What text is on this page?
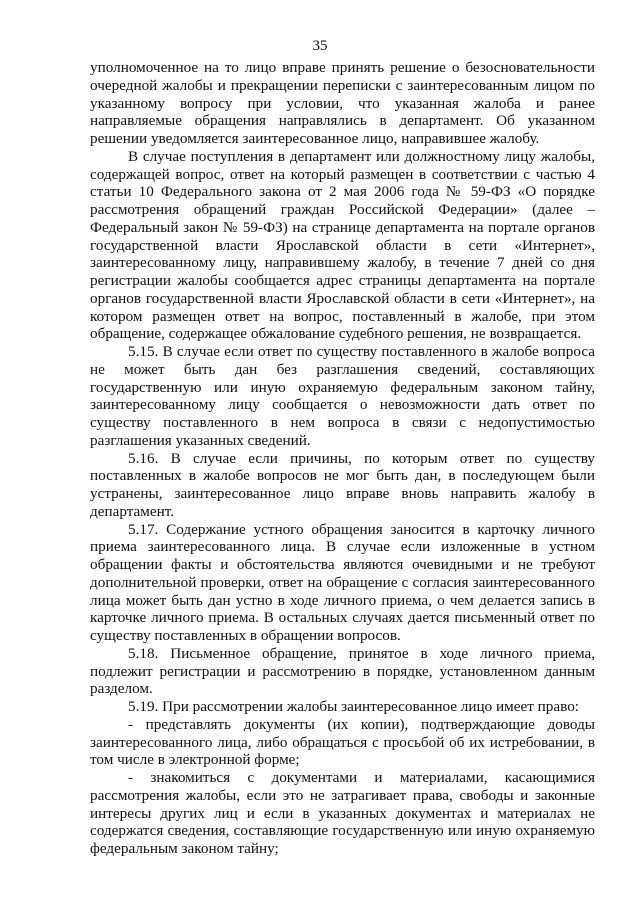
35

уполномоченное на то лицо вправе принять решение о безосновательности очередной жалобы и прекращении переписки с заинтересованным лицом по указанному вопросу при условии, что указанная жалоба и ранее направляемые обращения направлялись в департамент. Об указанном решении уведомляется заинтересованное лицо, направившее жалобу.

В случае поступления в департамент или должностному лицу жалобы, содержащей вопрос, ответ на который размещен в соответствии с частью 4 статьи 10 Федерального закона от 2 мая 2006 года № 59-ФЗ «О порядке рассмотрения обращений граждан Российской Федерации» (далее – Федеральный закон № 59-ФЗ) на странице департамента на портале органов государственной власти Ярославской области в сети «Интернет», заинтересованному лицу, направившему жалобу, в течение 7 дней со дня регистрации жалобы сообщается адрес страницы департамента на портале органов государственной власти Ярославской области в сети «Интернет», на котором размещен ответ на вопрос, поставленный в жалобе, при этом обращение, содержащее обжалование судебного решения, не возвращается.

5.15. В случае если ответ по существу поставленного в жалобе вопроса не может быть дан без разглашения сведений, составляющих государственную или иную охраняемую федеральным законом тайну, заинтересованному лицу сообщается о невозможности дать ответ по существу поставленного в нем вопроса в связи с недопустимостью разглашения указанных сведений.

5.16. В случае если причины, по которым ответ по существу поставленных в жалобе вопросов не мог быть дан, в последующем были устранены, заинтересованное лицо вправе вновь направить жалобу в департамент.

5.17. Содержание устного обращения заносится в карточку личного приема заинтересованного лица. В случае если изложенные в устном обращении факты и обстоятельства являются очевидными и не требуют дополнительной проверки, ответ на обращение с согласия заинтересованного лица может быть дан устно в ходе личного приема, о чем делается запись в карточке личного приема. В остальных случаях дается письменный ответ по существу поставленных в обращении вопросов.

5.18. Письменное обращение, принятое в ходе личного приема, подлежит регистрации и рассмотрению в порядке, установленном данным разделом.

5.19. При рассмотрении жалобы заинтересованное лицо имеет право:

- представлять документы (их копии), подтверждающие доводы заинтересованного лица, либо обращаться с просьбой об их истребовании, в том числе в электронной форме;

- знакомиться с документами и материалами, касающимися рассмотрения жалобы, если это не затрагивает права, свободы и законные интересы других лиц и если в указанных документах и материалах не содержатся сведения, составляющие государственную или иную охраняемую федеральным законом тайну;
